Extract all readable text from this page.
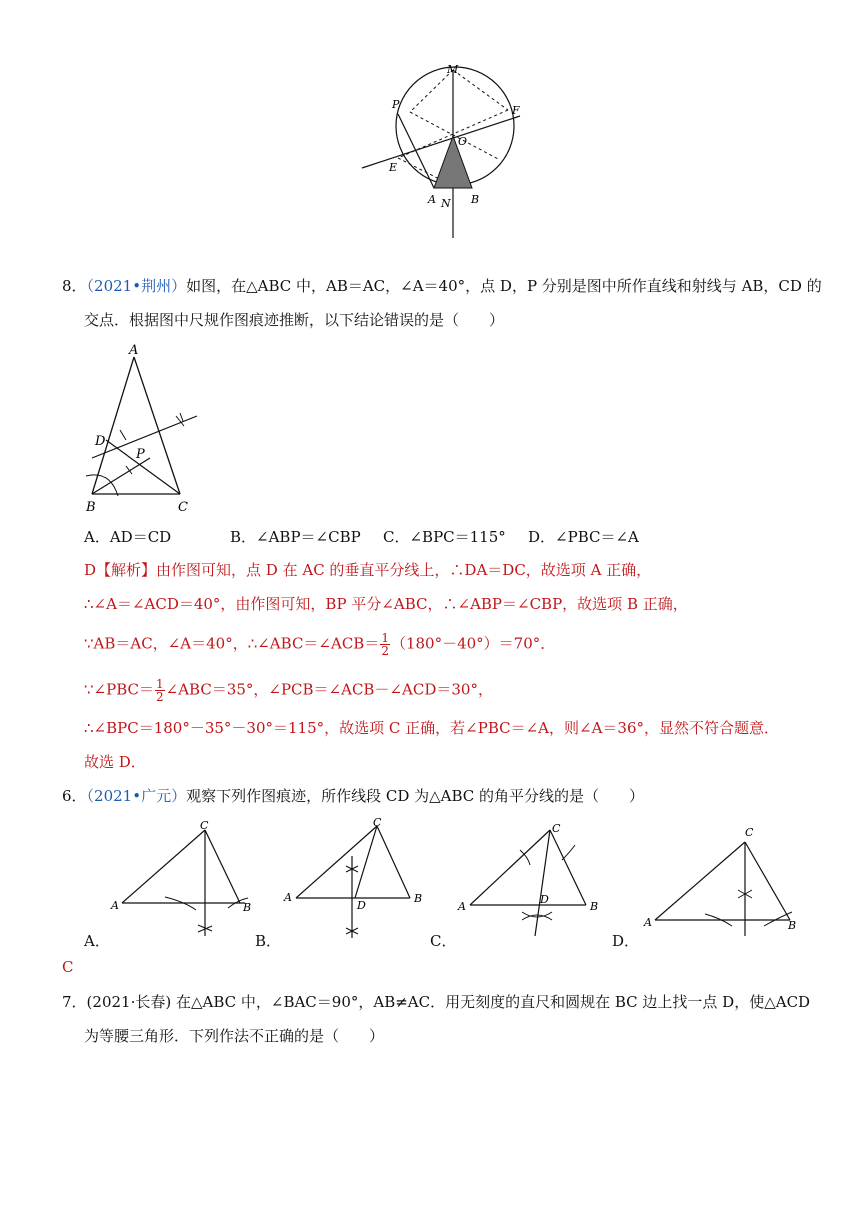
M
P	F
O
E
A N B
8．（2021•荆州）如图，在△ABC 中，AB＝AC，∠A＝40°，点 D，P 分别是图中所作直线和射线与 AB，CD 的
交点．根据图中尺规作图痕迹推断，以下结论错误的是（　　）
A
D
P
B	C
A．AD＝CD	B．∠ABP＝∠CBP C．∠BPC＝115° D．∠PBC＝∠A
D【解析】由作图可知，点 D 在 AC 的垂直平分线上，∴DA＝DC，故选项 A 正确，
∴∠A＝∠ACD＝40°，由作图可知，BP 平分∠ABC，∴∠ABP＝∠CBP，故选项 B 正确，
∵AB＝AC，∠A＝40°，∴∠ABC＝∠ACB＝ $\frac{1}{2} (180^\circ-40^\circ)=70^\circ$．
∵∠PBC＝ $\frac{1}{2}$ ∠ABC＝35°，∠PCB＝∠ACB－∠ACD＝30°，
∴∠BPC＝180°－35°－30°＝115°，故选项 C 正确，若∠PBC＝∠A，则∠A＝36°，显然不符合题意．
故选 D．
6．（2021•广元）观察下列作图痕迹，所作线段 CD 为△ABC 的角平分线的是（　　）
C
A	B
C
A	B
D
C
A	B
D
C
A	B
A．	B．	C．	D．
C
7．(2021·长春) 在△ABC 中，∠BAC＝90°，AB≠AC．用无刻度的直尺和圆规在 BC 边上找一点 D，使△ACD
为等腰三角形．下列作法不正确的是（　　）
